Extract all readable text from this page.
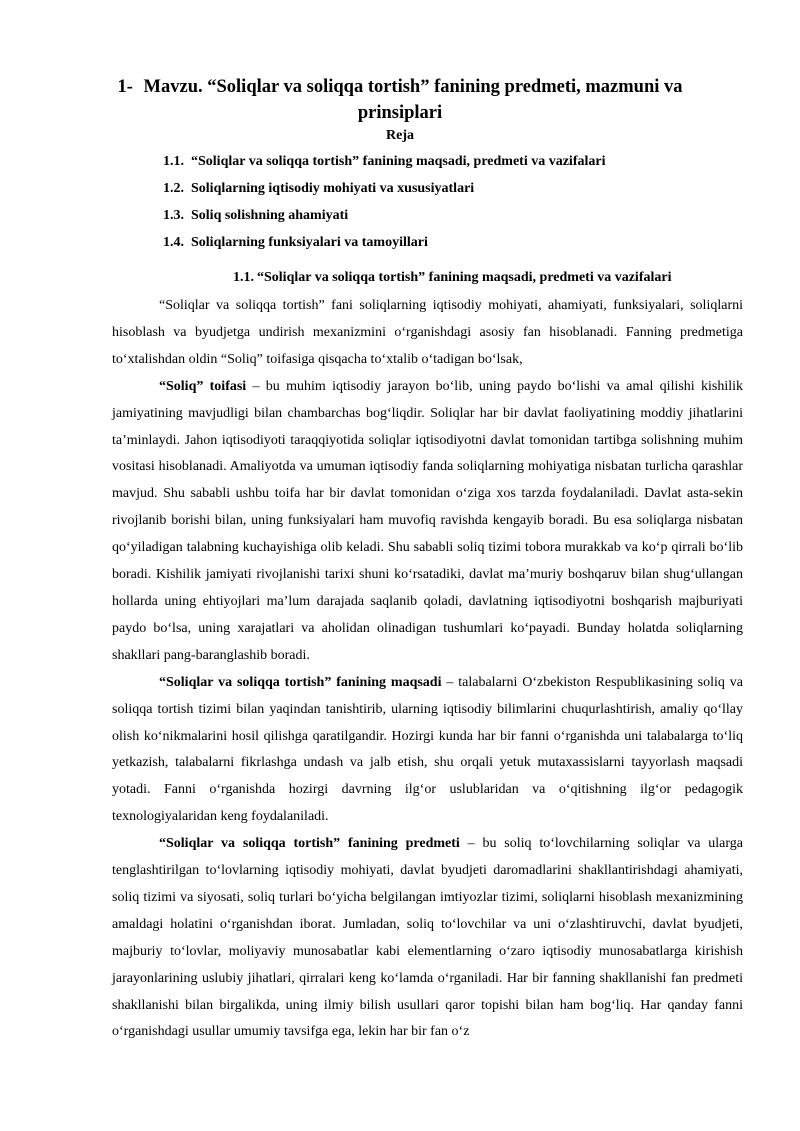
1- Mavzu. “Soliqlar va soliqqa tortish” fanining predmeti, mazmuni va prinsiplari
Reja
1.1. “Soliqlar va soliqqa tortish” fanining maqsadi, predmeti va vazifalari
1.2. Soliqlarning iqtisodiy mohiyati va xususiyatlari
1.3. Soliq solishning ahamiyati
1.4. Soliqlarning funksiyalari va tamoyillari
1.1. “Soliqlar va soliqqa tortish” fanining maqsadi, predmeti va vazifalari

“Soliqlar va soliqqa tortish” fani soliqlarning iqtisodiy mohiyati, ahamiyati, funksiyalari, soliqlarni hisoblash va byudjetga undirish mexanizmini o‘rganishdagi asosiy fan hisoblanadi. Fanning predmetiga to‘xtalishdan oldin “Soliq” toifasiga qisqacha to‘xtalib o‘tadigan bo‘lsak,

“Soliq” toifasi – bu muhim iqtisodiy jarayon bo‘lib, uning paydo bo‘lishi va amal qilishi kishilik jamiyatining mavjudligi bilan chambarchas bog‘liqdir. Soliqlar har bir davlat faoliyatining moddiy jihatlarini ta’minlaydi. Jahon iqtisodiyoti taraqqiyotida soliqlar iqtisodiyotni davlat tomonidan tartibga solishning muhim vositasi hisoblanadi. Amaliyotda va umuman iqtisodiy fanda soliqlarning mohiyatiga nisbatan turlicha qarashlar mavjud. Shu sababli ushbu toifa har bir davlat tomonidan o‘ziga xos tarzda foydalaniladi. Davlat asta-sekin rivojlanib borishi bilan, uning funksiyalari ham muvofiq ravishda kengayib boradi. Bu esa soliqlarga nisbatan qo‘yiladigan talabning kuchayishiga olib keladi. Shu sababli soliq tizimi tobora murakkab va ko‘p qirrali bo‘lib boradi. Kishilik jamiyati rivojlanishi tarixi shuni ko‘rsatadiki, davlat ma’muriy boshqaruv bilan shug‘ullangan hollarda uning ehtiyojlari ma’lum darajada saqlanib qoladi, davlatning iqtisodiyotni boshqarish majburiyati paydo bo‘lsa, uning xarajatlari va aholidan olinadigan tushumlari ko‘payadi. Bunday holatda soliqlarning shakllari pang-baranglashib boradi.

“Soliqlar va soliqqa tortish” fanining maqsadi – talabalarni O‘zbekiston Respublikasining soliq va soliqqa tortish tizimi bilan yaqindan tanishtirib, ularning iqtisodiy bilimlarini chuqurlashtirish, amaliy qo‘llay olish ko‘nikmalarini hosil qilishga qaratilgandir. Hozirgi kunda har bir fanni o‘rganishda uni talabalarga to‘liq yetkazish, talabalarni fikrlashga undash va jalb etish, shu orqali yetuk mutaxassislarni tayyorlash maqsadi yotadi. Fanni o‘rganishda hozirgi davrning ilg‘or uslublaridan va o‘qitishning ilg‘or pedagogik texnologiyalaridan keng foydalaniladi.

“Soliqlar va soliqqa tortish” fanining predmeti – bu soliq to‘lovchilarning soliqlar va ularga tenglashtirilgan to‘lovlarning iqtisodiy mohiyati, davlat byudjeti daromadlarini shakllantirishdagi ahamiyati, soliq tizimi va siyosati, soliq turlari bo‘yicha belgilangan imtiyozlar tizimi, soliqlarni hisoblash mexanizmining amaldagi holatini o‘rganishdan iborat. Jumladan, soliq to‘lovchilar va uni o‘zlashtiruvchi, davlat byudjeti, majburiy to‘lovlar, moliyaviy munosabatlar kabi elementlarning o‘zaro iqtisodiy munosabatlarga kirishish jarayonlarining uslubiy jihatlari, qirralari keng ko‘lamda o‘rganiladi. Har bir fanning shakllanishi fan predmeti shakllanishi bilan birgalikda, uning ilmiy bilish usullari qaror topishi bilan ham bog‘liq. Har qanday fanni o‘rganishdagi usullar umumiy tavsifga ega, lekin har bir fan o‘z
